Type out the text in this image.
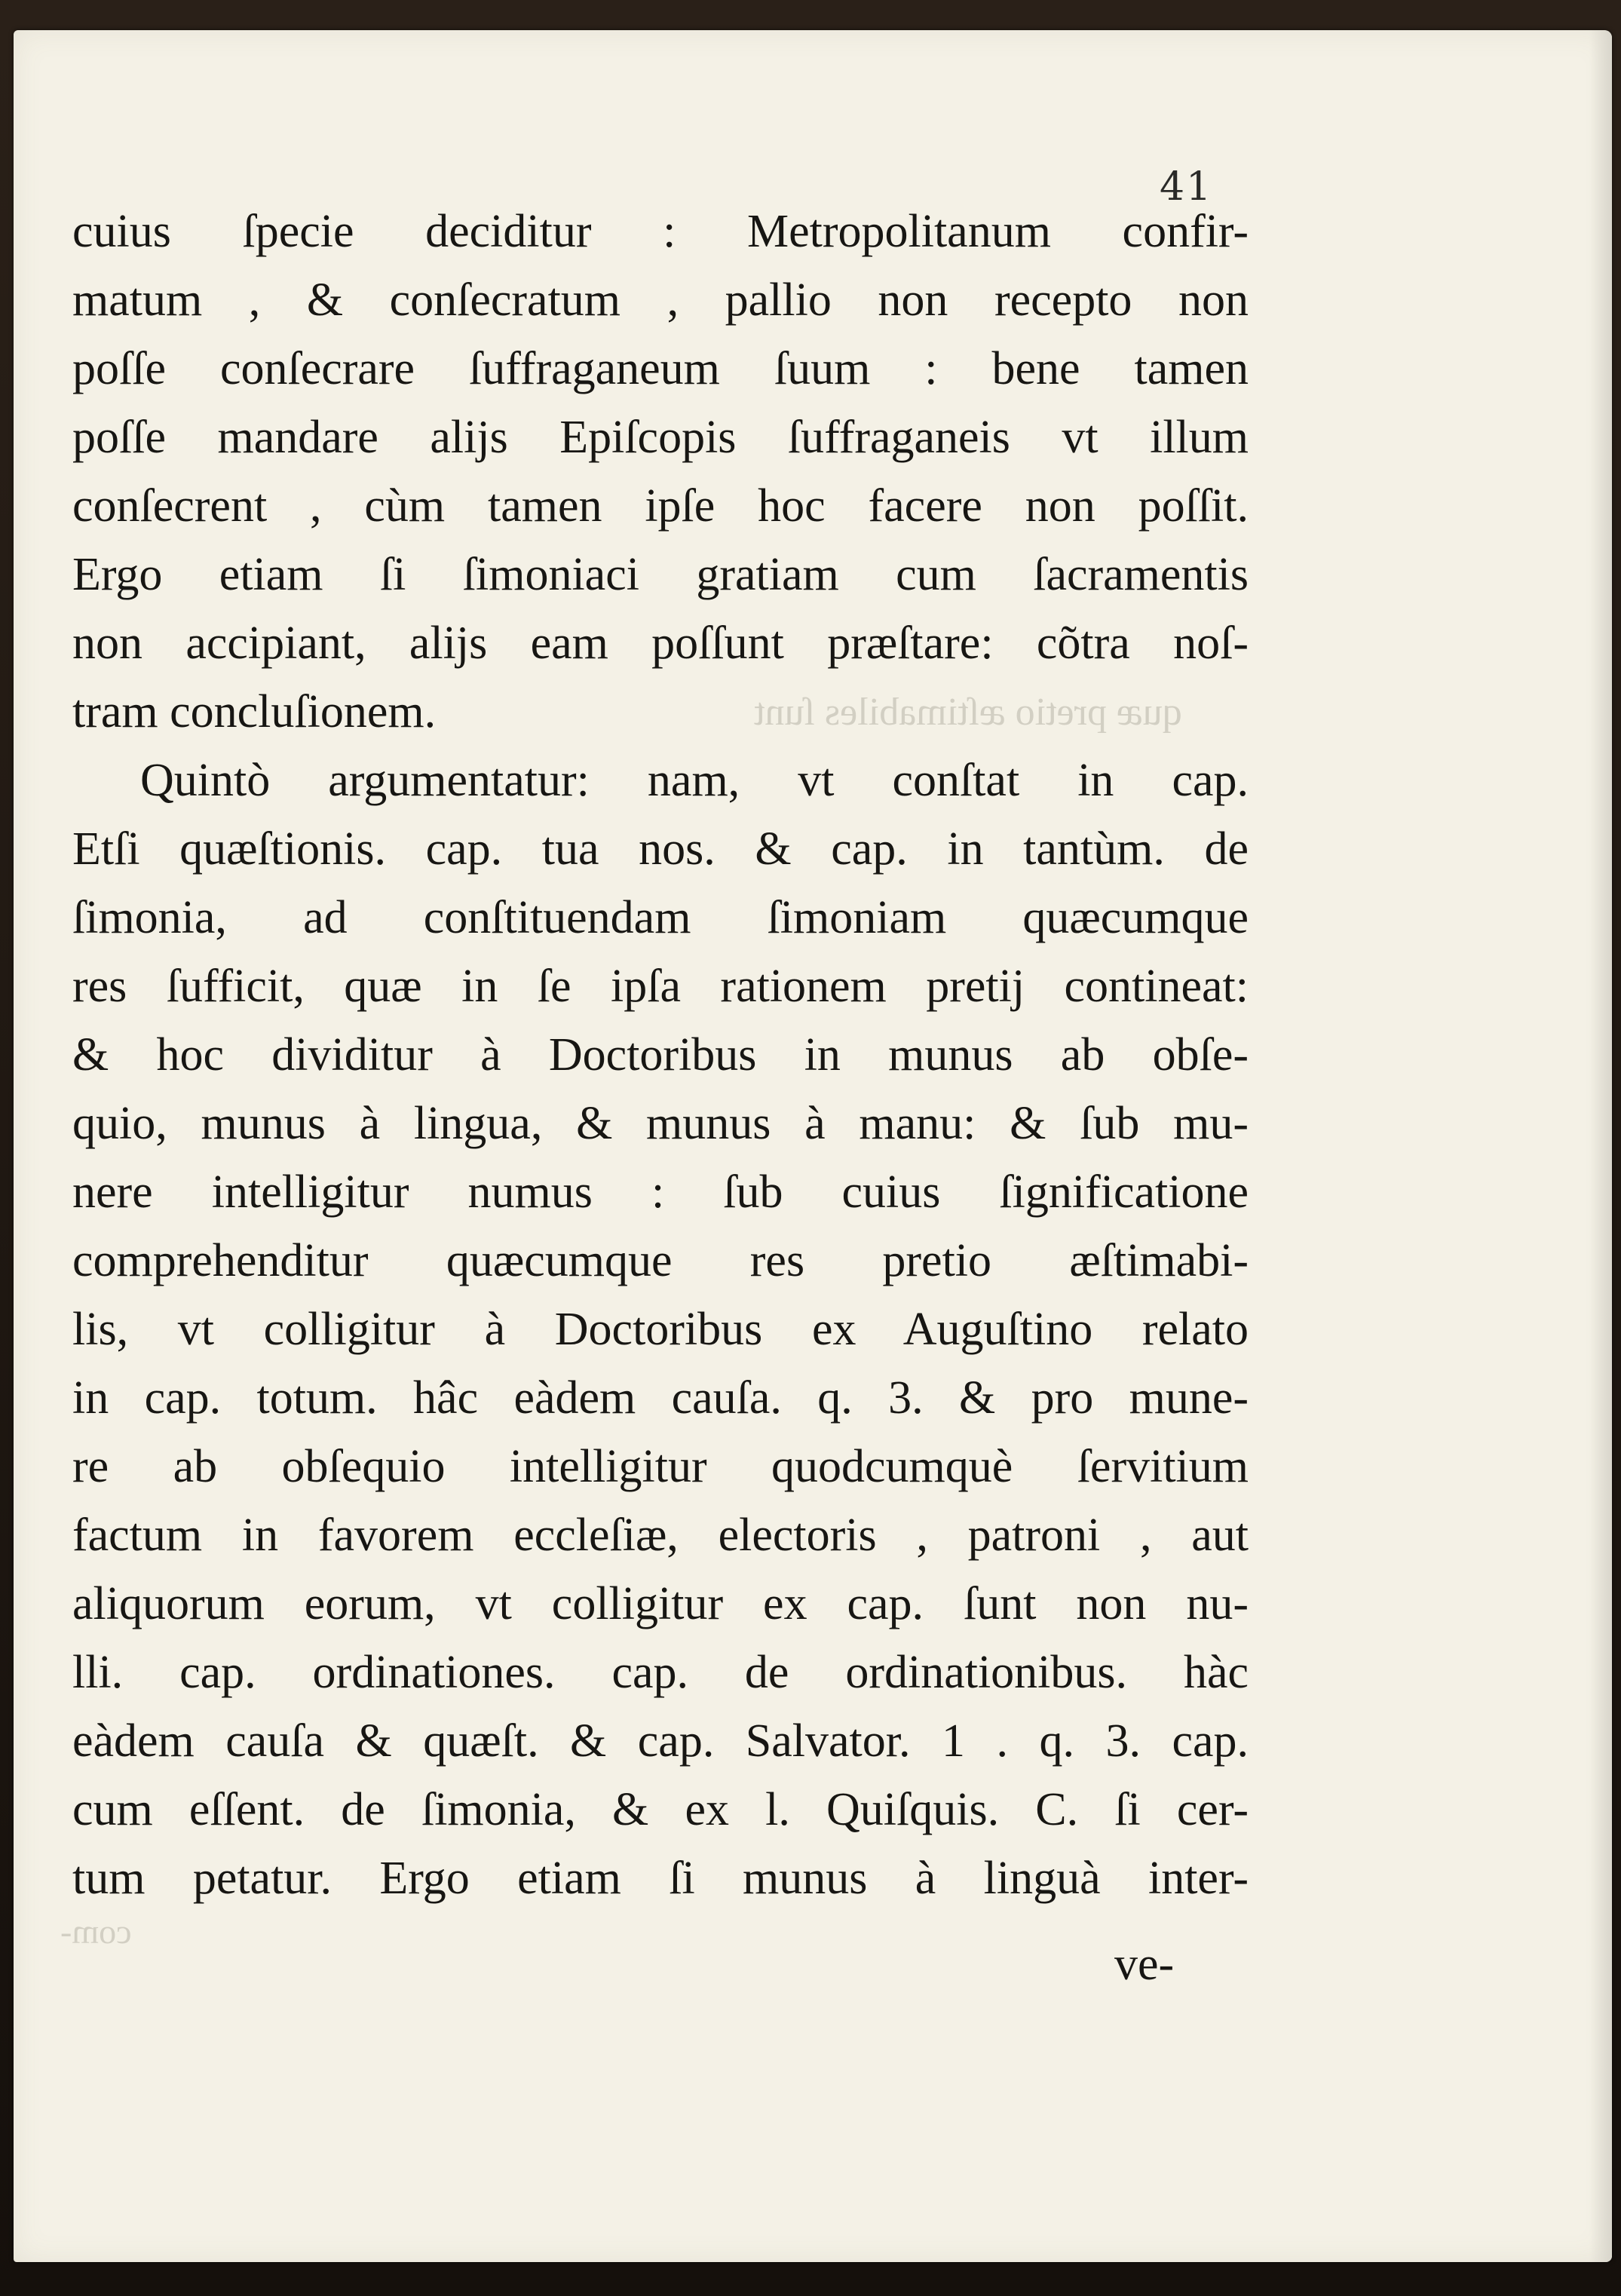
quæ pretio æſtimabiles ſunt
com-
41
cuius ſpecie deciditur : Metropolitanum confir-
matum , & conſecratum , pallio non recepto non
poſſe conſecrare ſuffraganeum ſuum : bene tamen
poſſe mandare alijs Epiſcopis ſuffraganeis vt illum
conſecrent , cùm tamen ipſe hoc facere non poſſit.
Ergo etiam ſi ſimoniaci gratiam cum ſacramentis
non accipiant, alijs eam poſſunt præſtare: cõtra noſ-
tram concluſionem.
Quintò argumentatur: nam, vt conſtat in cap.
Etſi quæſtionis. cap. tua nos. & cap. in tantùm. de
ſimonia, ad conſtituendam ſimoniam quæcumque
res ſufficit, quæ in ſe ipſa rationem pretij contineat:
& hoc dividitur à Doctoribus in munus ab obſe-
quio, munus à lingua, & munus à manu: & ſub mu-
nere intelligitur numus : ſub cuius ſignificatione
comprehenditur quæcumque res pretio æſtimabi-
lis, vt colligitur à Doctoribus ex Auguſtino relato
in cap. totum. hâc eàdem cauſa. q. 3. & pro mune-
re ab obſequio intelligitur quodcumquè ſervitium
factum in favorem eccleſiæ, electoris , patroni , aut
aliquorum eorum, vt colligitur ex cap. ſunt non nu-
lli. cap. ordinationes. cap. de ordinationibus. hàc
eàdem cauſa & quæſt. & cap. Salvator. 1 . q. 3. cap.
cum eſſent. de ſimonia, & ex l. Quiſquis. C. ſi cer-
tum petatur. Ergo etiam ſi munus à linguà inter-
ve-
